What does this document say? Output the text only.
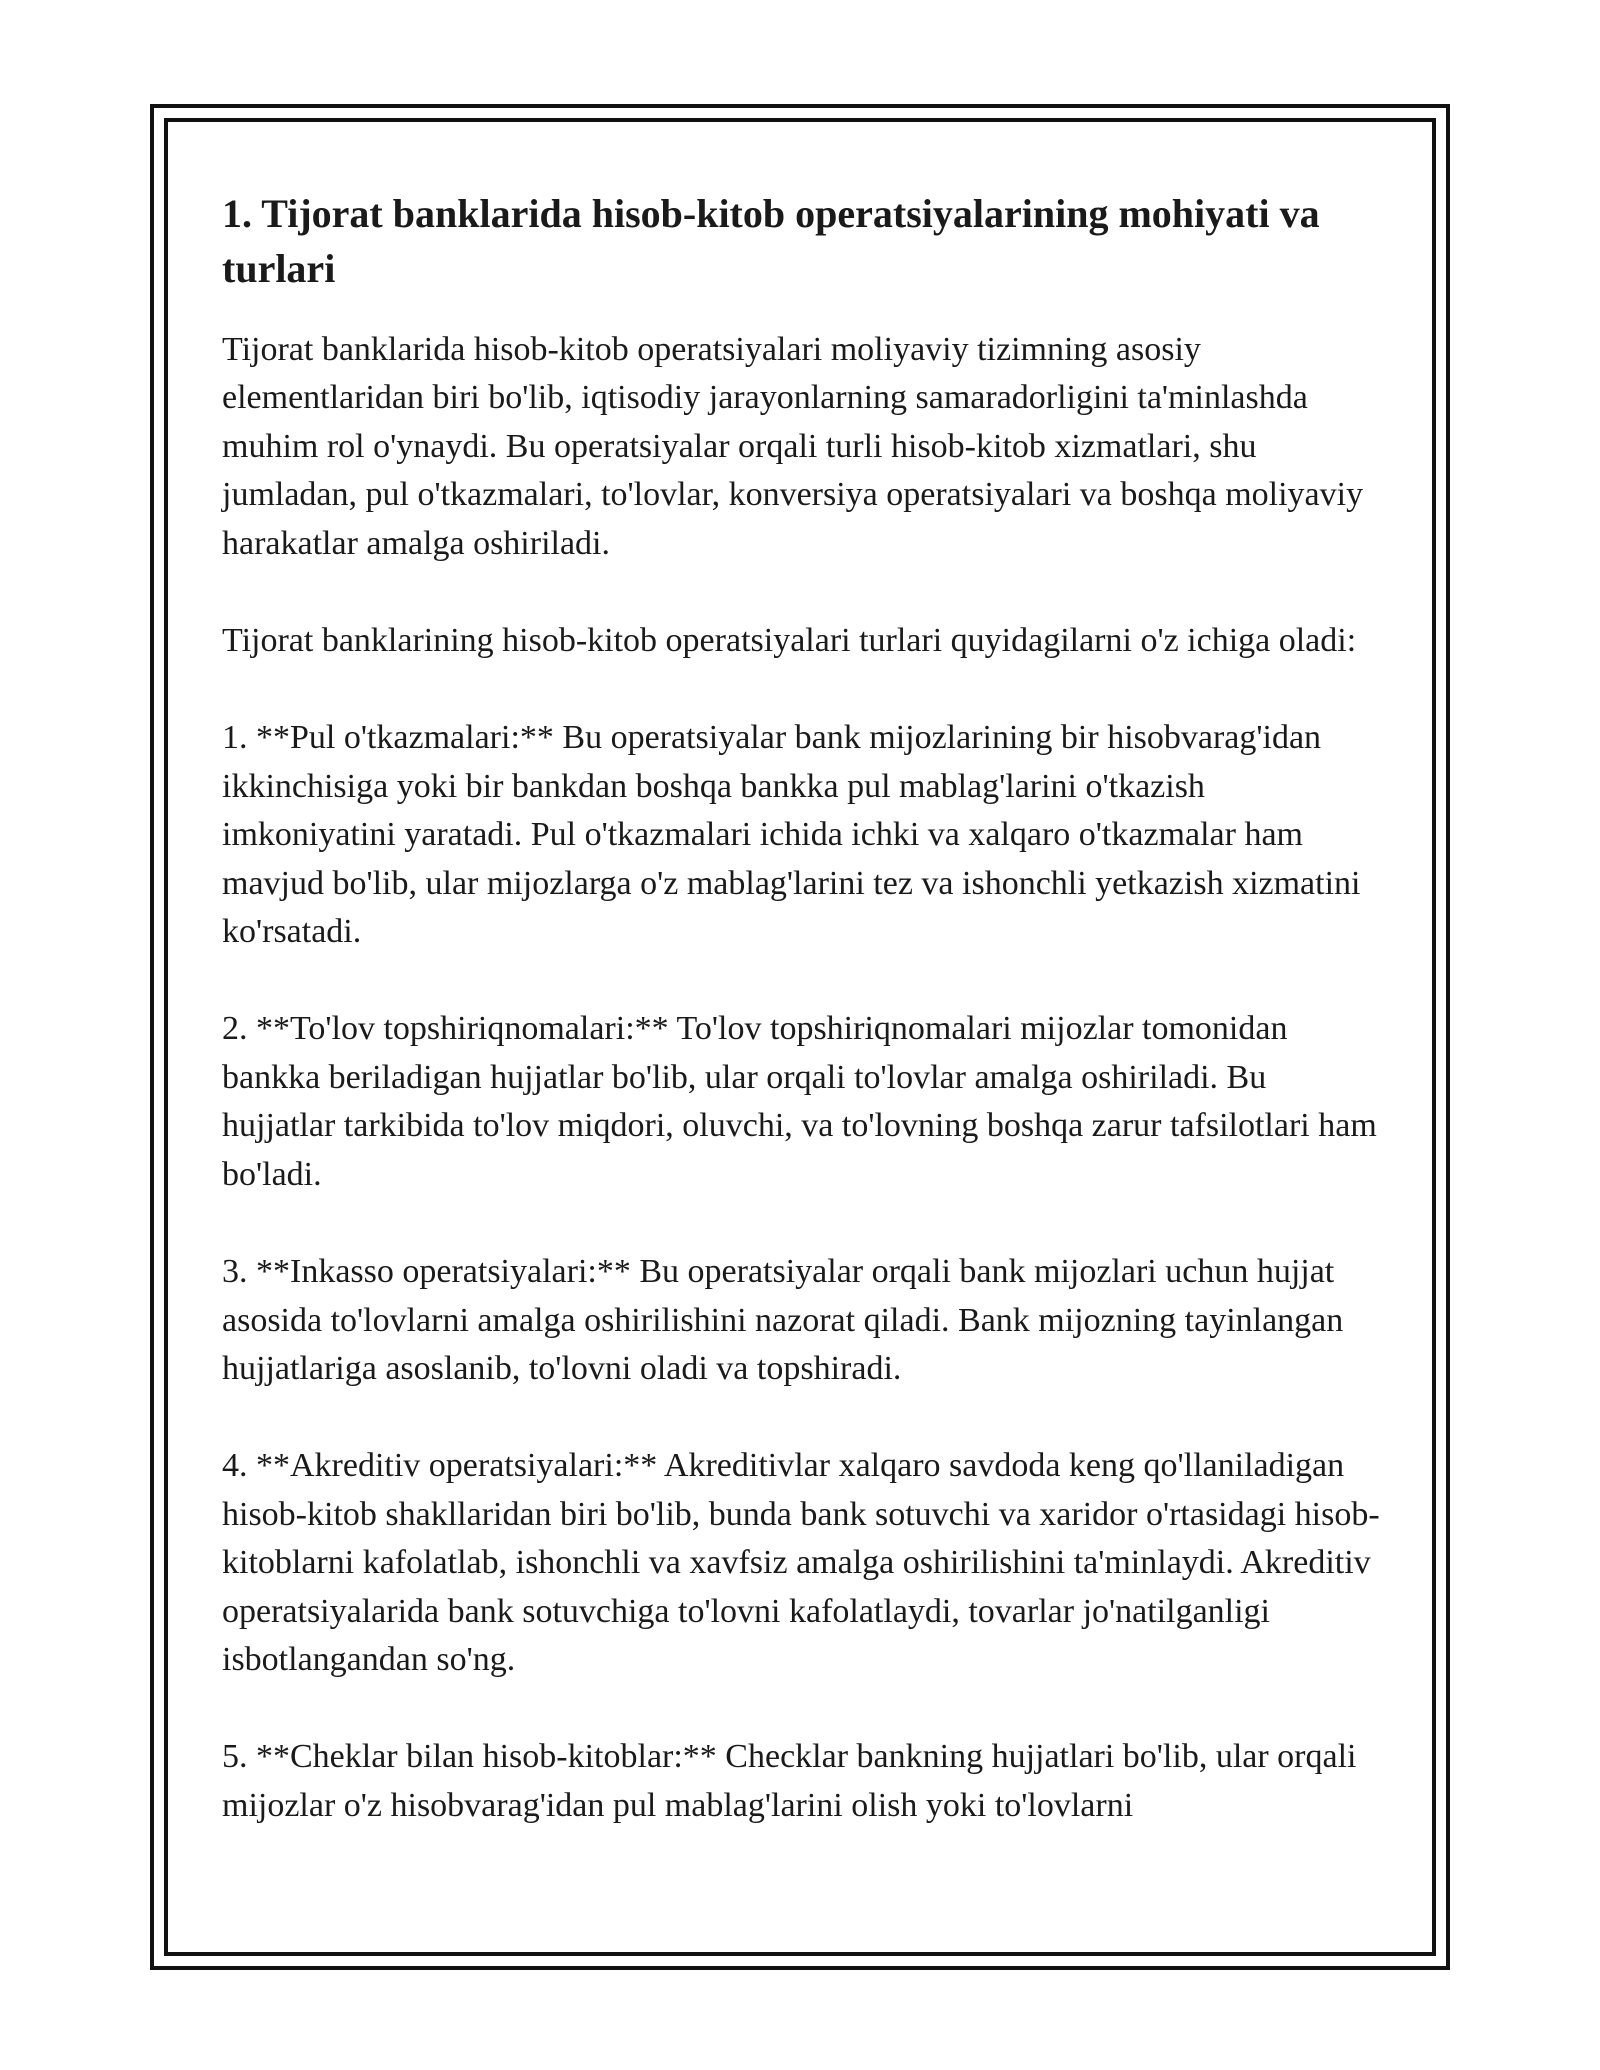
1. Tijorat banklarida hisob-kitob operatsiyalarining mohiyati va turlari

Tijorat banklarida hisob-kitob operatsiyalari moliyaviy tizimning asosiy elementlaridan biri bo'lib, iqtisodiy jarayonlarning samaradorligini ta'minlashda muhim rol o'ynaydi. Bu operatsiyalar orqali turli hisob-kitob xizmatlari, shu jumladan, pul o'tkazmalari, to'lovlar, konversiya operatsiyalari va boshqa moliyaviy harakatlar amalga oshiriladi.

Tijorat banklarining hisob-kitob operatsiyalari turlari quyidagilarni o'z ichiga oladi:

1. **Pul o'tkazmalari:** Bu operatsiyalar bank mijozlarining bir hisobvarag'idan ikkinchisiga yoki bir bankdan boshqa bankka pul mablag'larini o'tkazish imkoniyatini yaratadi. Pul o'tkazmalari ichida ichki va xalqaro o'tkazmalar ham mavjud bo'lib, ular mijozlarga o'z mablag'larini tez va ishonchli yetkazish xizmatini ko'rsatadi.

2. **To'lov topshiriqnomalari:** To'lov topshiriqnomalari mijozlar tomonidan bankka beriladigan hujjatlar bo'lib, ular orqali to'lovlar amalga oshiriladi. Bu hujjatlar tarkibida to'lov miqdori, oluvchi, va to'lovning boshqa zarur tafsilotlari ham bo'ladi.

3. **Inkasso operatsiyalari:** Bu operatsiyalar orqali bank mijozlari uchun hujjat asosida to'lovlarni amalga oshirilishini nazorat qiladi. Bank mijozning tayinlangan hujjatlariga asoslanib, to'lovni oladi va topshiradi.

4. **Akreditiv operatsiyalari:** Akreditivlar xalqaro savdoda keng qo'llaniladigan hisob-kitob shakllaridan biri bo'lib, bunda bank sotuvchi va xaridor o'rtasidagi hisob-kitoblarni kafolatlab, ishonchli va xavfsiz amalga oshirilishini ta'minlaydi. Akreditiv operatsiyalarida bank sotuvchiga to'lovni kafolatlaydi, tovarlar jo'natilganligi isbotlangandan so'ng.

5. **Cheklar bilan hisob-kitoblar:** Checklar bankning hujjatlari bo'lib, ular orqali mijozlar o'z hisobvarag'idan pul mablag'larini olish yoki to'lovlarni
